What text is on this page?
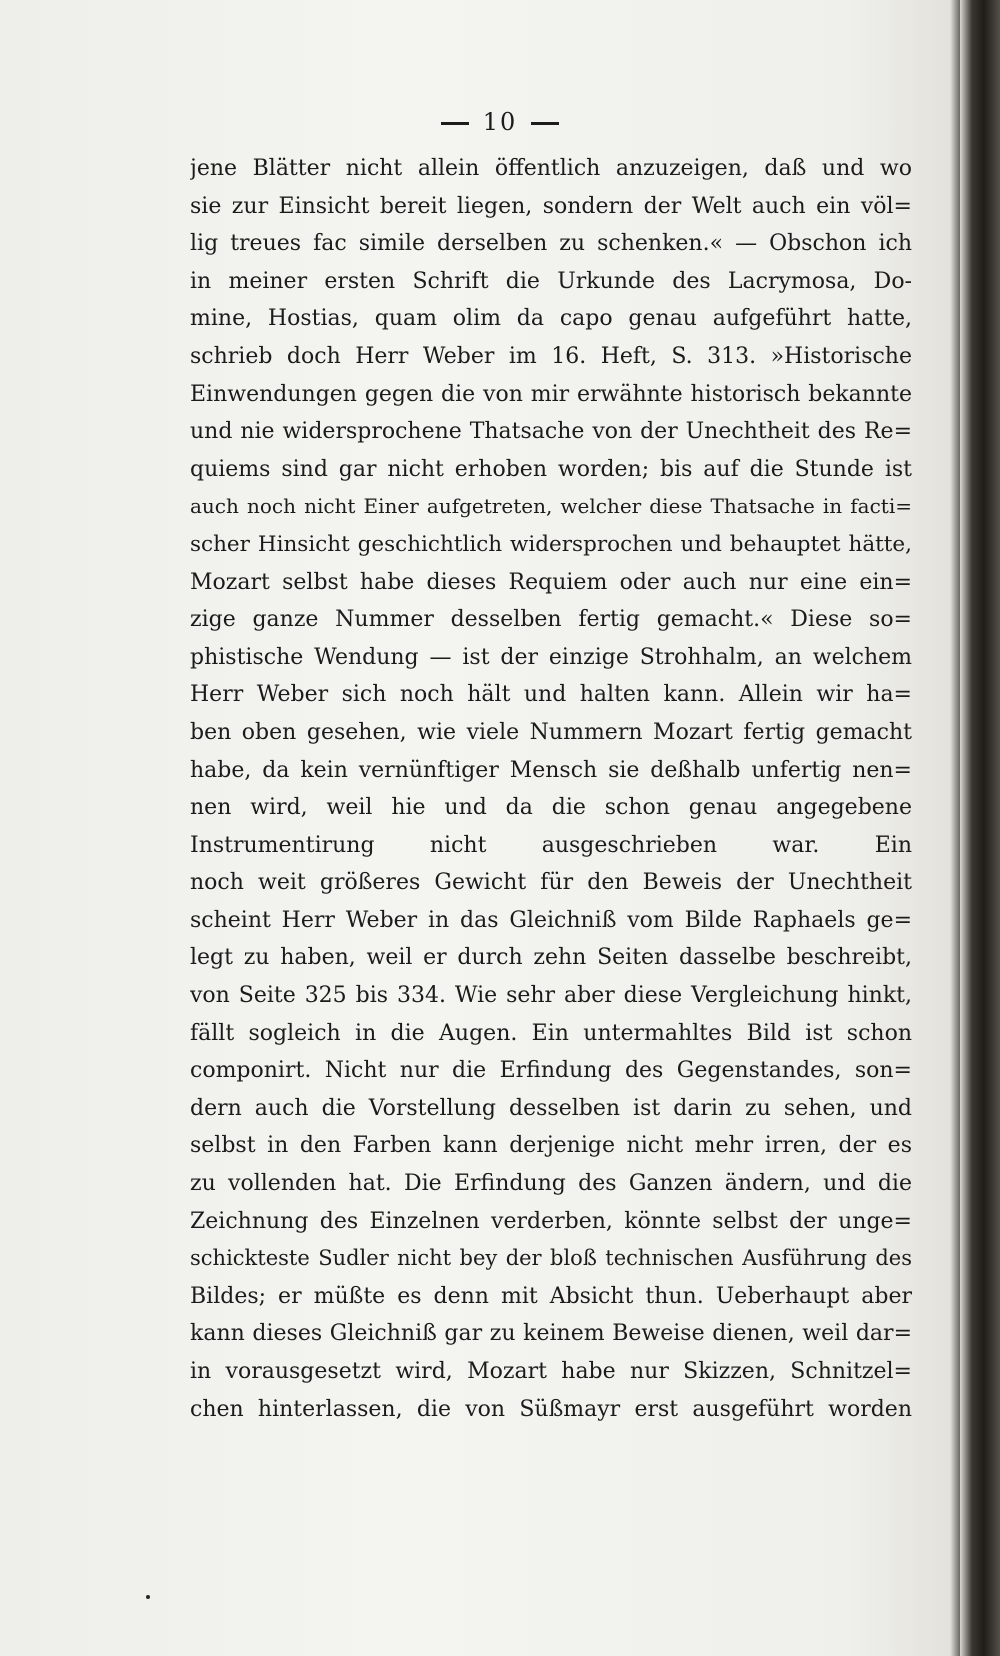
10
jene Blätter nicht allein öffentlich anzuzeigen, daß und wo
sie zur Einsicht bereit liegen, sondern der Welt auch ein völ=
lig treues fac simile derselben zu schenken.« — Obschon ich
in meiner ersten Schrift die Urkunde des Lacrymosa, Do-
mine, Hostias, quam olim da capo genau aufgeführt hatte,
schrieb doch Herr Weber im 16. Heft, S. 313. »Historische
Einwendungen gegen die von mir erwähnte historisch bekannte
und nie widersprochene Thatsache von der Unechtheit des Re=
quiems sind gar nicht erhoben worden; bis auf die Stunde ist
auch noch nicht Einer aufgetreten, welcher diese Thatsache in facti=
scher Hinsicht geschichtlich widersprochen und behauptet hätte,
Mozart selbst habe dieses Requiem oder auch nur eine ein=
zige ganze Nummer desselben fertig gemacht.« Diese so=
phistische Wendung — ist der einzige Strohhalm, an welchem
Herr Weber sich noch hält und halten kann. Allein wir ha=
ben oben gesehen, wie viele Nummern Mozart fertig gemacht
habe, da kein vernünftiger Mensch sie deßhalb unfertig nen=
nen wird, weil hie und da die schon genau angegebene
Instrumentirung nicht ausgeschrieben war. Ein
noch weit größeres Gewicht für den Beweis der Unechtheit
scheint Herr Weber in das Gleichniß vom Bilde Raphaels ge=
legt zu haben, weil er durch zehn Seiten dasselbe beschreibt,
von Seite 325 bis 334. Wie sehr aber diese Vergleichung hinkt,
fällt sogleich in die Augen. Ein untermahltes Bild ist schon
componirt. Nicht nur die Erfindung des Gegenstandes, son=
dern auch die Vorstellung desselben ist darin zu sehen, und
selbst in den Farben kann derjenige nicht mehr irren, der es
zu vollenden hat. Die Erfindung des Ganzen ändern, und die
Zeichnung des Einzelnen verderben, könnte selbst der unge=
schickteste Sudler nicht bey der bloß technischen Ausführung des
Bildes; er müßte es denn mit Absicht thun. Ueberhaupt aber
kann dieses Gleichniß gar zu keinem Beweise dienen, weil dar=
in vorausgesetzt wird, Mozart habe nur Skizzen, Schnitzel=
chen hinterlassen, die von Süßmayr erst ausgeführt worden
